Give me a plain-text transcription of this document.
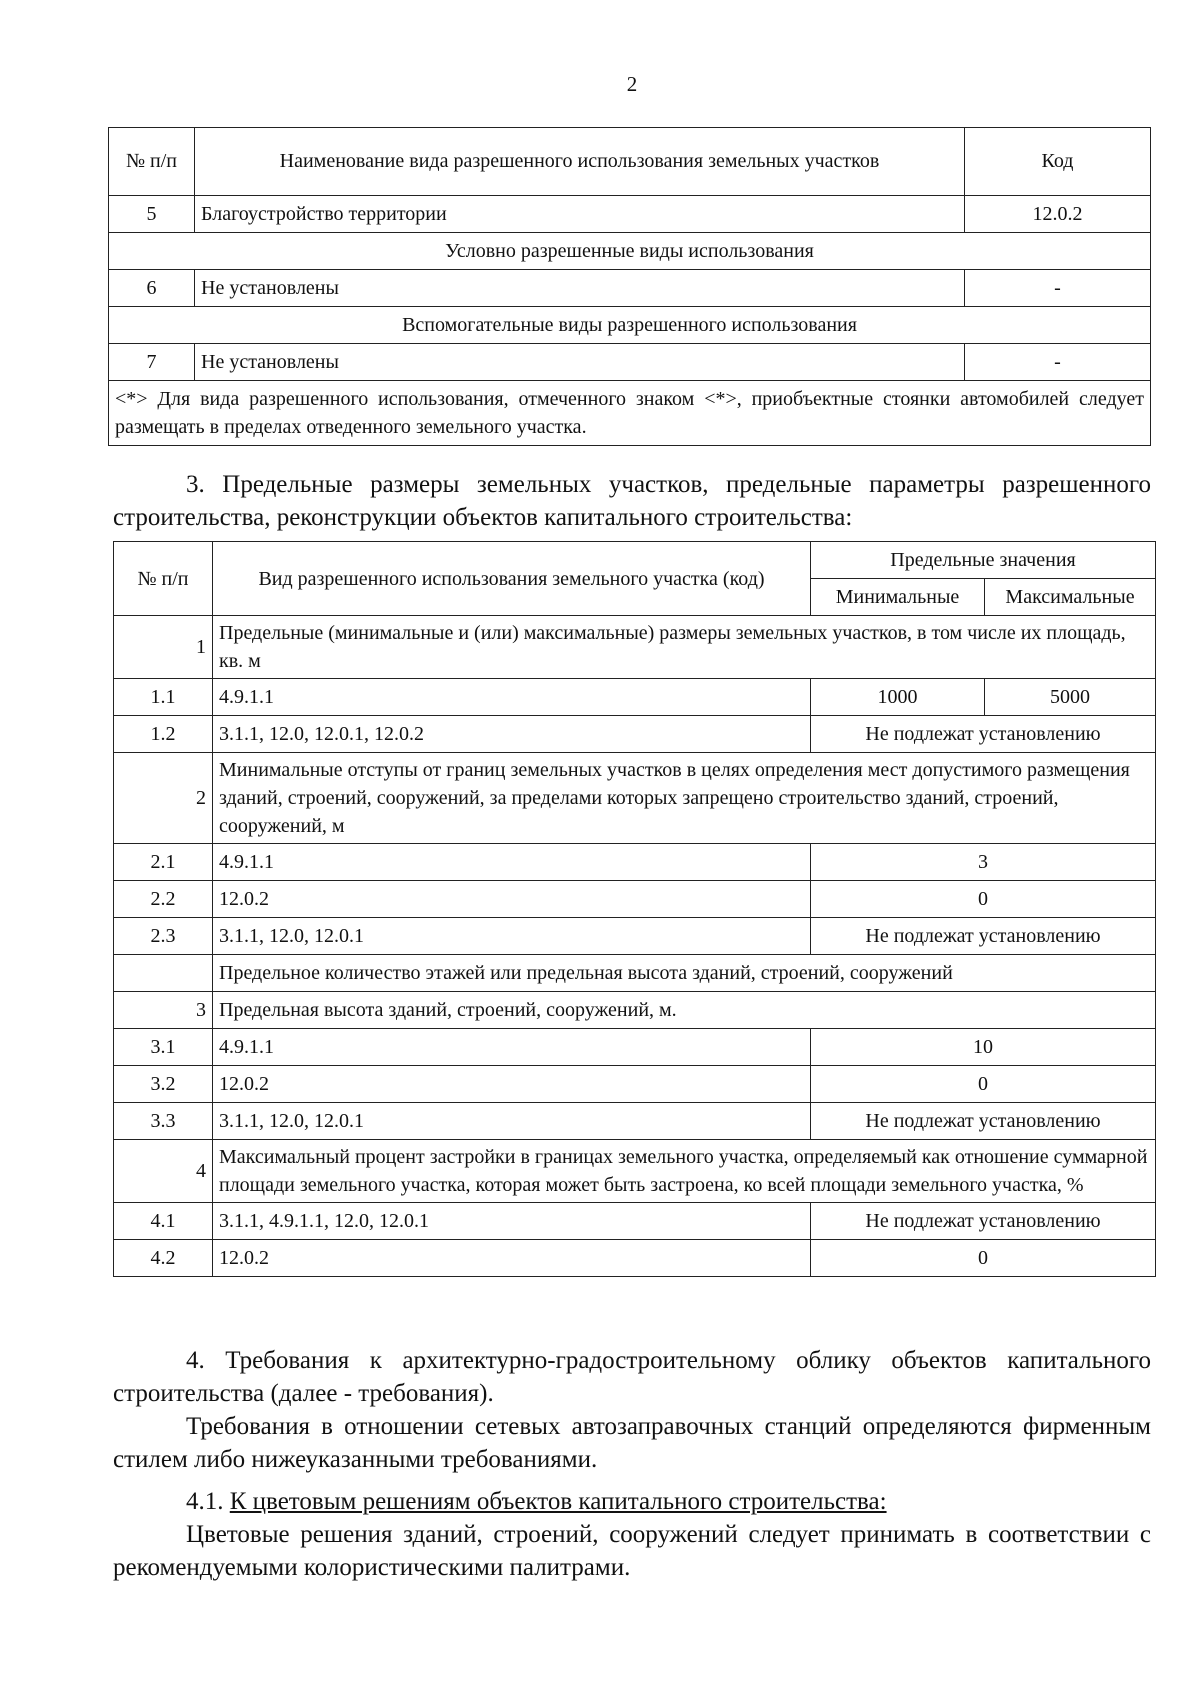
2
№ п/п	Наименование вида разрешенного использования земельных участков	Код
5	Благоустройство территории	12.0.2
Условно разрешенные виды использования		
6	Не установлены	-
Вспомогательные виды разрешенного использования		
7	Не установлены	-
<*> Для вида разрешенного использования, отмеченного знаком <*>, приобъектные стоянки автомобилей следует размещать в пределах отведенного земельного участка.		
3. Предельные размеры земельных участков, предельные параметры разрешенного строительства, реконструкции объектов капитального строительства:
№ п/п	Вид разрешенного использования земельного участка (код)	Предельные значения	
		Минимальные	Максимальные
1	Предельные (минимальные и (или) максимальные) размеры земельных участков, в том числе их площадь, кв. м		
1.1	4.9.1.1	1000	5000
1.2	3.1.1, 12.0, 12.0.1, 12.0.2	Не подлежат установлению	
2	Минимальные отступы от границ земельных участков в целях определения мест допустимого размещения зданий, строений, сооружений, за пределами которых запрещено строительство зданий, строений, сооружений, м		
2.1	4.9.1.1	3	
2.2	12.0.2	0	
2.3	3.1.1, 12.0, 12.0.1	Не подлежат установлению	
	Предельное количество этажей или предельная высота зданий, строений, сооружений		
3	Предельная высота зданий, строений, сооружений, м.		
3.1	4.9.1.1	10	
3.2	12.0.2	0	
3.3	3.1.1, 12.0, 12.0.1	Не подлежат установлению	
4	Максимальный процент застройки в границах земельного участка, определяемый как отношение суммарной площади земельного участка, которая может быть застроена, ко всей площади земельного участка, %		
4.1	3.1.1, 4.9.1.1, 12.0, 12.0.1	Не подлежат установлению	
4.2	12.0.2	0	
4. Требования к архитектурно-градостроительному облику объектов капитального строительства (далее - требования).
Требования в отношении сетевых автозаправочных станций определяются фирменным стилем либо нижеуказанными требованиями.
4.1. К цветовым решениям объектов капитального строительства:
Цветовые решения зданий, строений, сооружений следует принимать в соответствии с рекомендуемыми колористическими палитрами.
